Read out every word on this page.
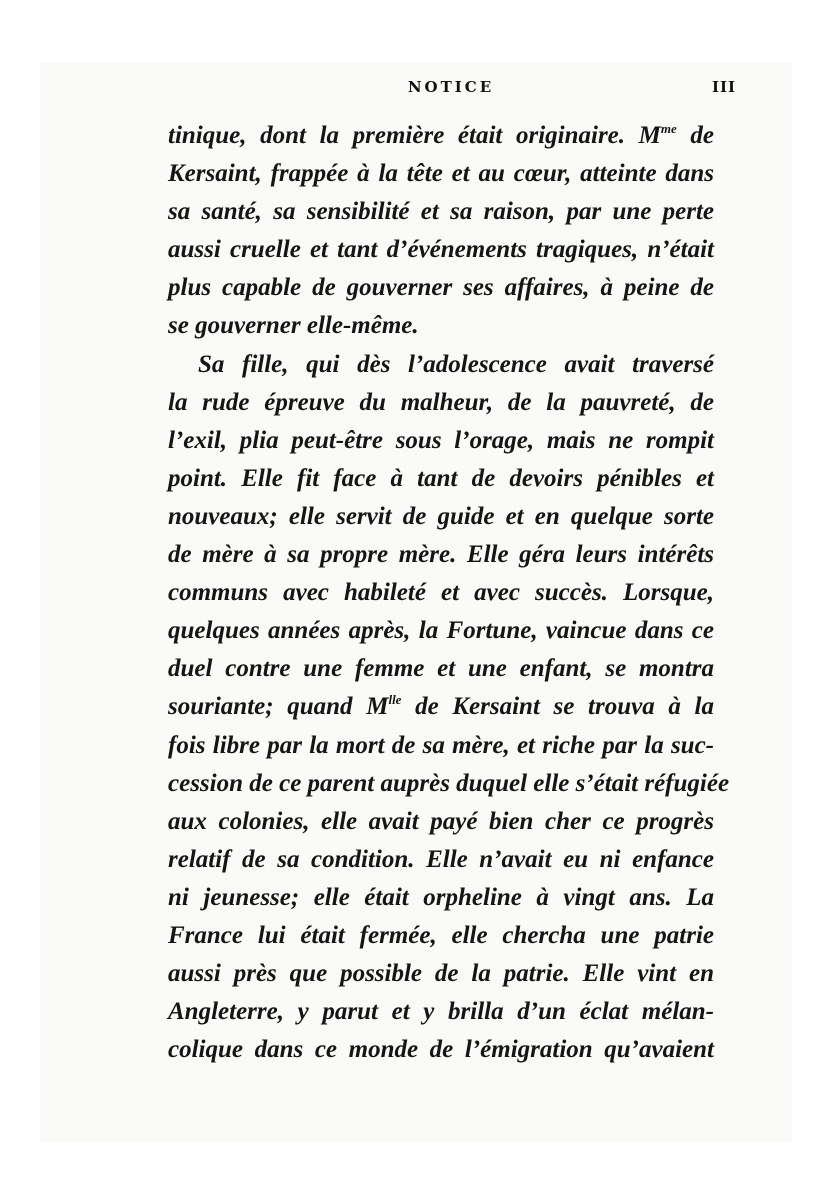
NOTICE	III
tinique, dont la première était originaire. $M^{me}$ de
Kersaint, frappée à la tête et au cœur, atteinte dans
sa santé, sa sensibilité et sa raison, par une perte
aussi cruelle et tant d’événements tragiques, n’était
plus capable de gouverner ses affaires, à peine de
se gouverner elle-même.
Sa fille, qui dès l’adolescence avait traversé
la rude épreuve du malheur, de la pauvreté, de
l’exil, plia peut-être sous l’orage, mais ne rompit
point. Elle fit face à tant de devoirs pénibles et
nouveaux; elle servit de guide et en quelque sorte
de mère à sa propre mère. Elle géra leurs intérêts
communs avec habileté et avec succès. Lorsque,
quelques années après, la Fortune, vaincue dans ce
duel contre une femme et une enfant, se montra
souriante; quand $M^{lle}$ de Kersaint se trouva à la
fois libre par la mort de sa mère, et riche par la suc-
cession de ce parent auprès duquel elle s’était réfugiée
aux colonies, elle avait payé bien cher ce progrès
relatif de sa condition. Elle n’avait eu ni enfance
ni jeunesse; elle était orpheline à vingt ans. La
France lui était fermée, elle chercha une patrie
aussi près que possible de la patrie. Elle vint en
Angleterre, y parut et y brilla d’un éclat mélan-
colique dans ce monde de l’émigration qu’avaient
